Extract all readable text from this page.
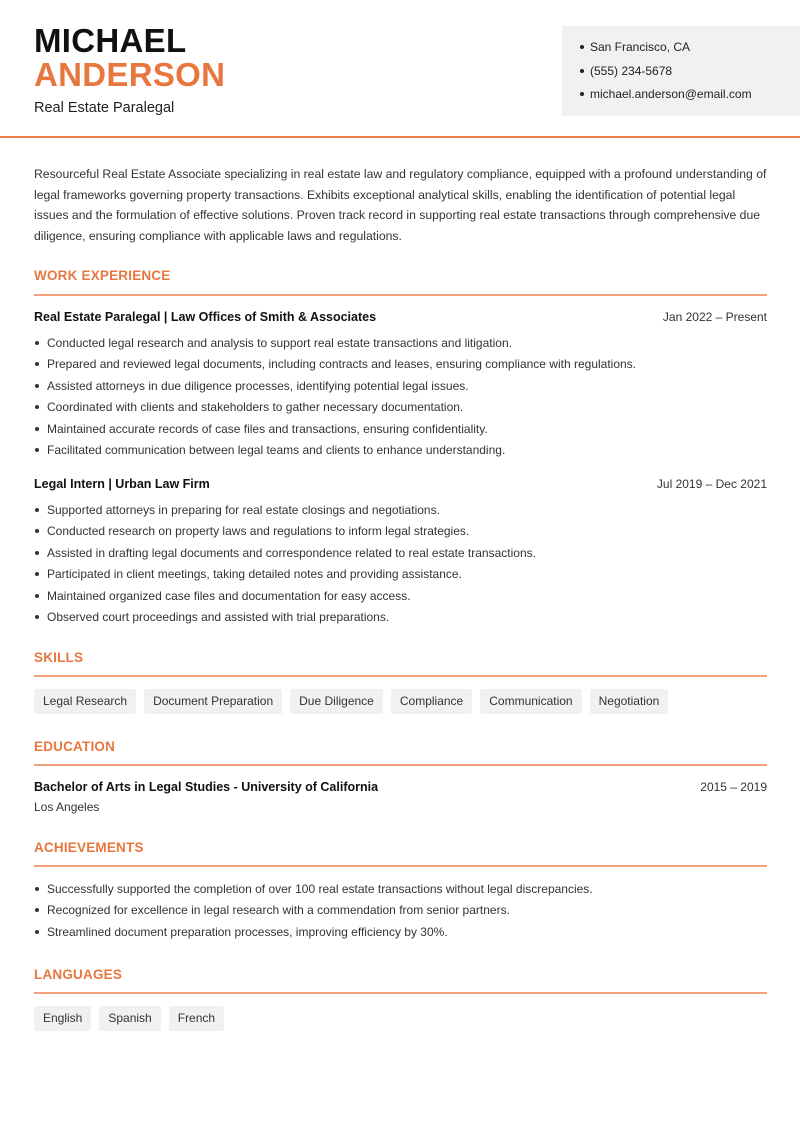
MICHAEL
ANDERSON
Real Estate Paralegal
San Francisco, CA
(555) 234-5678
michael.anderson@email.com
Resourceful Real Estate Associate specializing in real estate law and regulatory compliance, equipped with a profound understanding of legal frameworks governing property transactions. Exhibits exceptional analytical skills, enabling the identification of potential legal issues and the formulation of effective solutions. Proven track record in supporting real estate transactions through comprehensive due diligence, ensuring compliance with applicable laws and regulations.
WORK EXPERIENCE
Real Estate Paralegal | Law Offices of Smith & Associates	Jan 2022 – Present
Conducted legal research and analysis to support real estate transactions and litigation.
Prepared and reviewed legal documents, including contracts and leases, ensuring compliance with regulations.
Assisted attorneys in due diligence processes, identifying potential legal issues.
Coordinated with clients and stakeholders to gather necessary documentation.
Maintained accurate records of case files and transactions, ensuring confidentiality.
Facilitated communication between legal teams and clients to enhance understanding.
Legal Intern | Urban Law Firm	Jul 2019 – Dec 2021
Supported attorneys in preparing for real estate closings and negotiations.
Conducted research on property laws and regulations to inform legal strategies.
Assisted in drafting legal documents and correspondence related to real estate transactions.
Participated in client meetings, taking detailed notes and providing assistance.
Maintained organized case files and documentation for easy access.
Observed court proceedings and assisted with trial preparations.
SKILLS
Legal Research	Document Preparation	Due Diligence	Compliance	Communication	Negotiation
EDUCATION
Bachelor of Arts in Legal Studies - University of California	2015 – 2019
Los Angeles
ACHIEVEMENTS
Successfully supported the completion of over 100 real estate transactions without legal discrepancies.
Recognized for excellence in legal research with a commendation from senior partners.
Streamlined document preparation processes, improving efficiency by 30%.
LANGUAGES
English	Spanish	French
